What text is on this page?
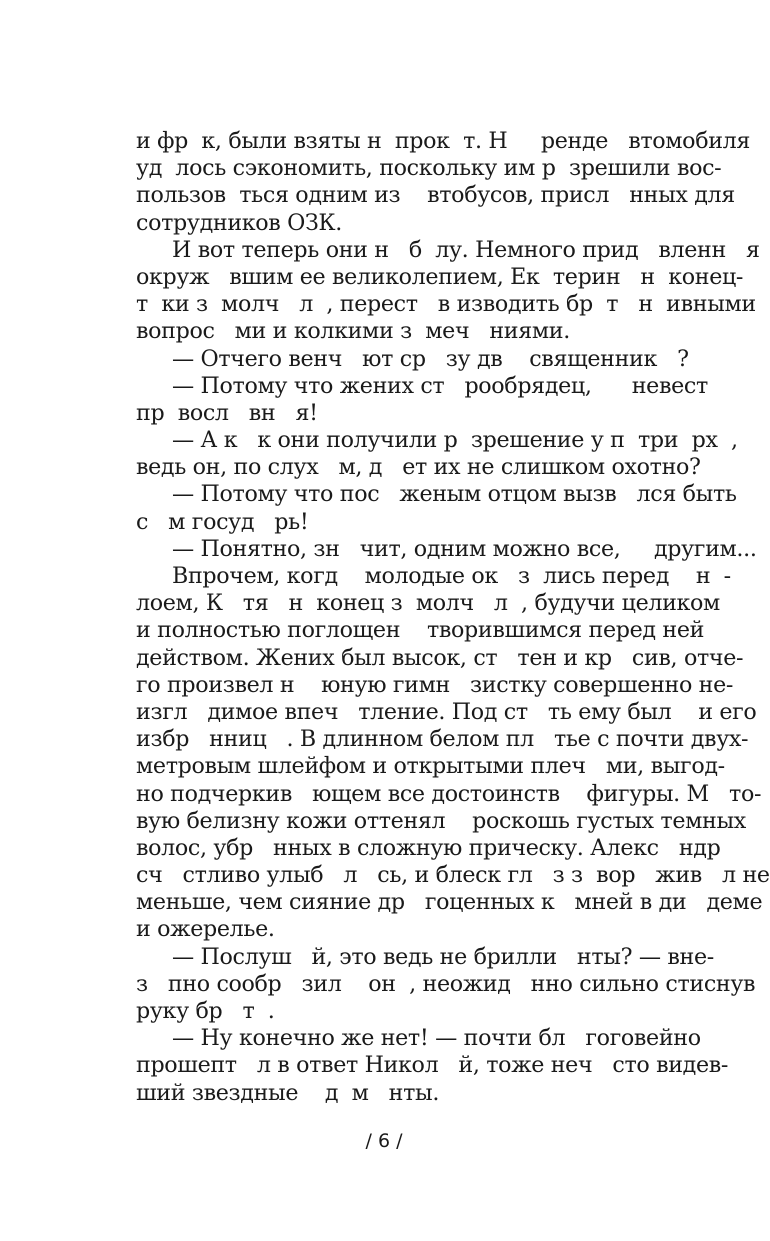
и фр  к, были взяты н  прок  т. Н     ренде   втомобиля
уд  лось сэкономить, поскольку им р  зрешили вос-
пользов  ться одним из    втобусов, присл   нных для
сотрудников ОЗК.
И вот теперь они н   б  лу. Немного прид   вленн   я
окруж   вшим ее великолепием, Ек  терин   н  конец-
т  ки з  молч   л  , перест   в изводить бр  т   н  ивными
вопрос   ми и колкими з  меч   ниями.
— Отчего венч   ют ср   зу дв    священник   ?
— Потому что жених ст   рообрядец,      невест
пр  восл   вн   я!
— А к   к они получили р  зрешение у п  три  рх  ,
ведь он, по слух   м, д   ет их не слишком охотно?
— Потому что пос   женым отцом вызв   лся быть
с   м госуд   рь!
— Понятно, зн   чит, одним можно все,     другим...
Впрочем, когд    молодые ок   з  лись перед    н  -
лоем, К   тя   н  конец з  молч   л  , будучи целиком
и полностью поглощен    творившимся перед ней
действом. Жених был высок, ст   тен и кр   сив, отче-
го произвел н    юную гимн   зистку совершенно не-
изгл   димое впеч   тление. Под ст   ть ему был    и его
избр   нниц   . В длинном белом пл   тье с почти двух-
метровым шлейфом и открытыми плеч   ми, выгод-
но подчеркив   ющем все достоинств    фигуры. М   то-
вую белизну кожи оттенял    роскошь густых темных
волос, убр   нных в сложную прическу. Алекс   ндр
сч   стливо улыб   л   сь, и блеск гл   з з  вор   жив   л не
меньше, чем сияние др   гоценных к   мней в ди   деме
и ожерелье.
— Послуш   й, это ведь не брилли   нты? — вне-
з   пно сообр   зил    он  , неожид   нно сильно стиснув
руку бр   т  .
— Ну конечно же нет! — почти бл   гоговейно
прошепт   л в ответ Никол   й, тоже неч   сто видев-
ший звездные    д  м   нты.
/ 6 /
